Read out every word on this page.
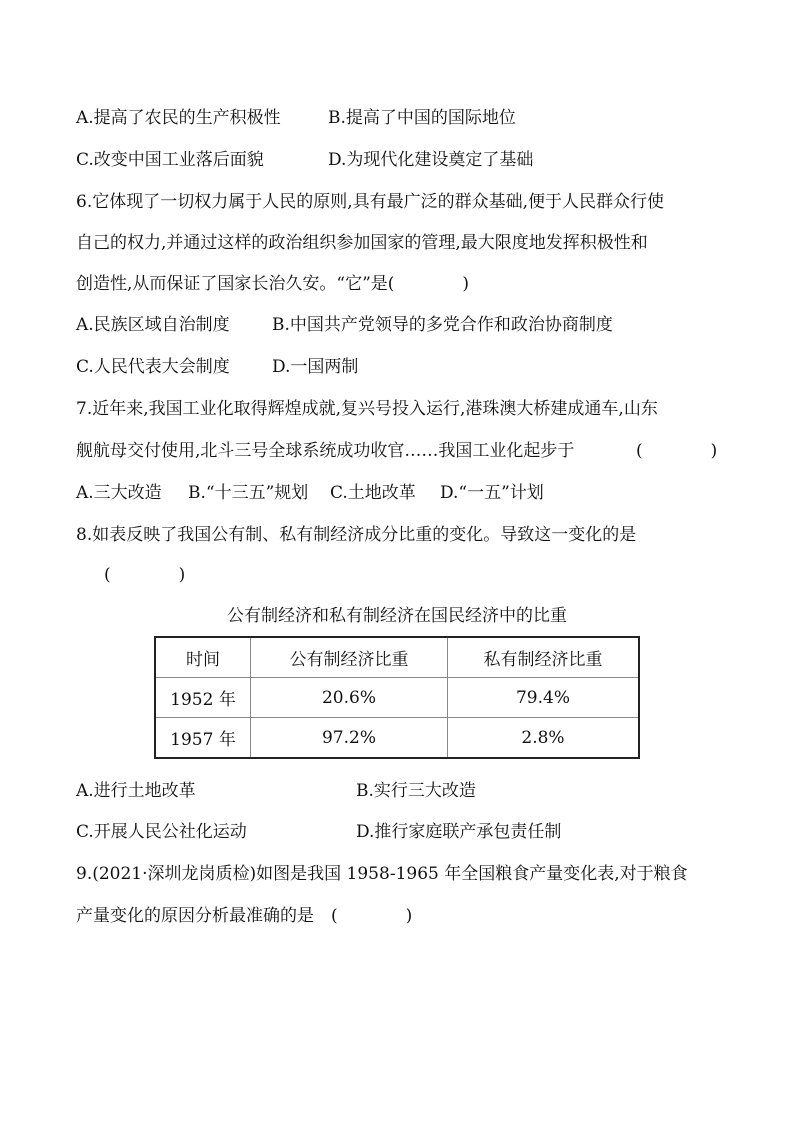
A.提高了农民的生产积极性	B.提高了中国的国际地位
C.改变中国工业落后面貌	D.为现代化建设奠定了基础
6.它体现了一切权力属于人民的原则,具有最广泛的群众基础,便于人民群众行使
自己的权力,并通过这样的政治组织参加国家的管理,最大限度地发挥积极性和
创造性,从而保证了国家长治久安。“它”是(　　　　)
A.民族区域自治制度 B.中国共产党领导的多党合作和政治协商制度
C.人民代表大会制度 D.一国两制
7.近年来,我国工业化取得辉煌成就,复兴号投入运行,港珠澳大桥建成通车,山东
舰航母交付使用,北斗三号全球系统成功收官……我国工业化起步于	(　　　　)
A.三大改造 B.“十三五”规划 C.土地改革 D.“一五”计划
8.如表反映了我国公有制、私有制经济成分比重的变化。导致这一变化的是
(　　　　)
公有制经济和私有制经济在国民经济中的比重
时间	公有制经济比重	私有制经济比重
1952 年	20.6%	79.4%
1957 年	97.2%	2.8%
A.进行土地改革	B.实行三大改造
C.开展人民公社化运动	D.推行家庭联产承包责任制
9.(2021·深圳龙岗质检)如图是我国 1958-1965 年全国粮食产量变化表,对于粮食
产量变化的原因分析最准确的是　(　　　　)
